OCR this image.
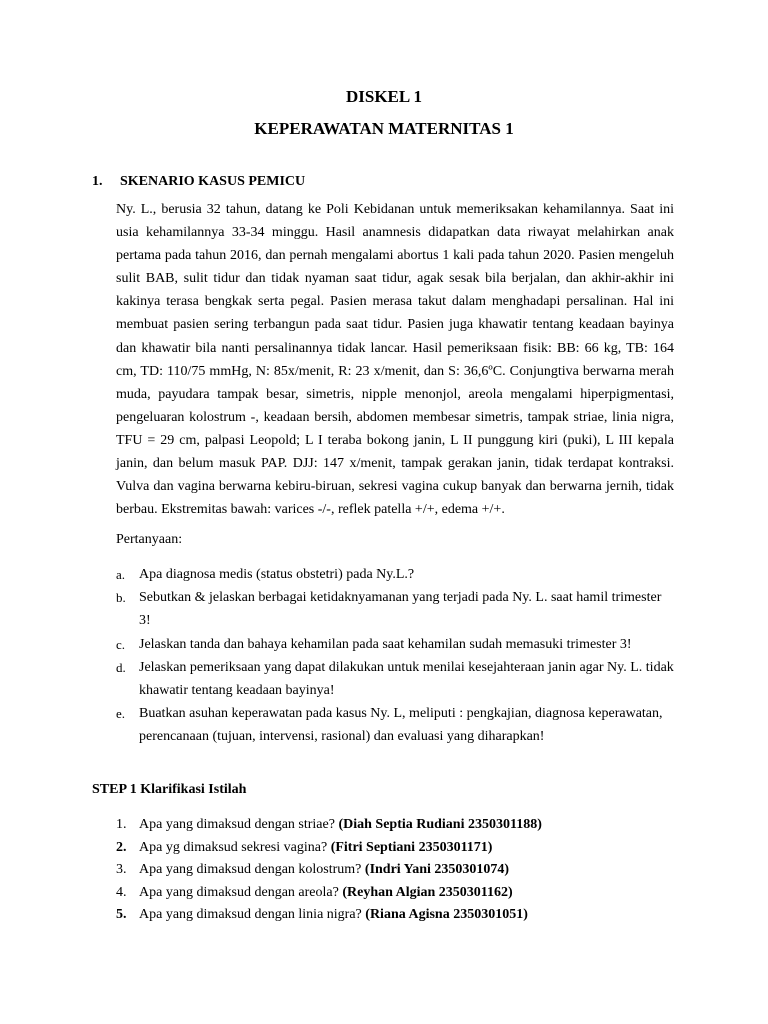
DISKEL 1
KEPERAWATAN MATERNITAS 1
1. SKENARIO KASUS PEMICU

Ny. L., berusia 32 tahun, datang ke Poli Kebidanan untuk memeriksakan kehamilannya. Saat ini usia kehamilannya 33-34 minggu. Hasil anamnesis didapatkan data riwayat melahirkan anak pertama pada tahun 2016, dan pernah mengalami abortus 1 kali pada tahun 2020. Pasien mengeluh sulit BAB, sulit tidur dan tidak nyaman saat tidur, agak sesak bila berjalan, dan akhir-akhir ini kakinya terasa bengkak serta pegal. Pasien merasa takut dalam menghadapi persalinan. Hal ini membuat pasien sering terbangun pada saat tidur. Pasien juga khawatir tentang keadaan bayinya dan khawatir bila nanti persalinannya tidak lancar. Hasil pemeriksaan fisik: BB: 66 kg, TB: 164 cm, TD: 110/75 mmHg, N: 85x/menit, R: 23 x/menit, dan S: 36,6ºC. Conjungtiva berwarna merah muda, payudara tampak besar, simetris, nipple menonjol, areola mengalami hiperpigmentasi, pengeluaran kolostrum -, keadaan bersih, abdomen membesar simetris, tampak striae, linia nigra, TFU = 29 cm, palpasi Leopold; L I teraba bokong janin, L II punggung kiri (puki), L III kepala janin, dan belum masuk PAP. DJJ: 147 x/menit, tampak gerakan janin, tidak terdapat kontraksi. Vulva dan vagina berwarna kebiru-biruan, sekresi vagina cukup banyak dan berwarna jernih, tidak berbau. Ekstremitas bawah: varices -/-, reflek patella +/+, edema +/+.

Pertanyaan:
a. Apa diagnosa medis (status obstetri) pada Ny.L.?
b. Sebutkan & jelaskan berbagai ketidaknyamanan yang terjadi pada Ny. L. saat hamil trimester 3!
c. Jelaskan tanda dan bahaya kehamilan pada saat kehamilan sudah memasuki trimester 3!
d. Jelaskan pemeriksaan yang dapat dilakukan untuk menilai kesejahteraan janin agar Ny. L. tidak khawatir tentang keadaan bayinya!
e. Buatkan asuhan keperawatan pada kasus Ny. L, meliputi : pengkajian, diagnosa keperawatan, perencanaan (tujuan, intervensi, rasional) dan evaluasi yang diharapkan!
STEP 1 Klarifikasi Istilah
1. Apa yang dimaksud dengan striae? (Diah Septia Rudiani 2350301188)
2. Apa yg dimaksud sekresi vagina? (Fitri Septiani 2350301171)
3. Apa yang dimaksud dengan kolostrum? (Indri Yani 2350301074)
4. Apa yang dimaksud dengan areola? (Reyhan Algian 2350301162)
5. Apa yang dimaksud dengan linia nigra? (Riana Agisna 2350301051)
